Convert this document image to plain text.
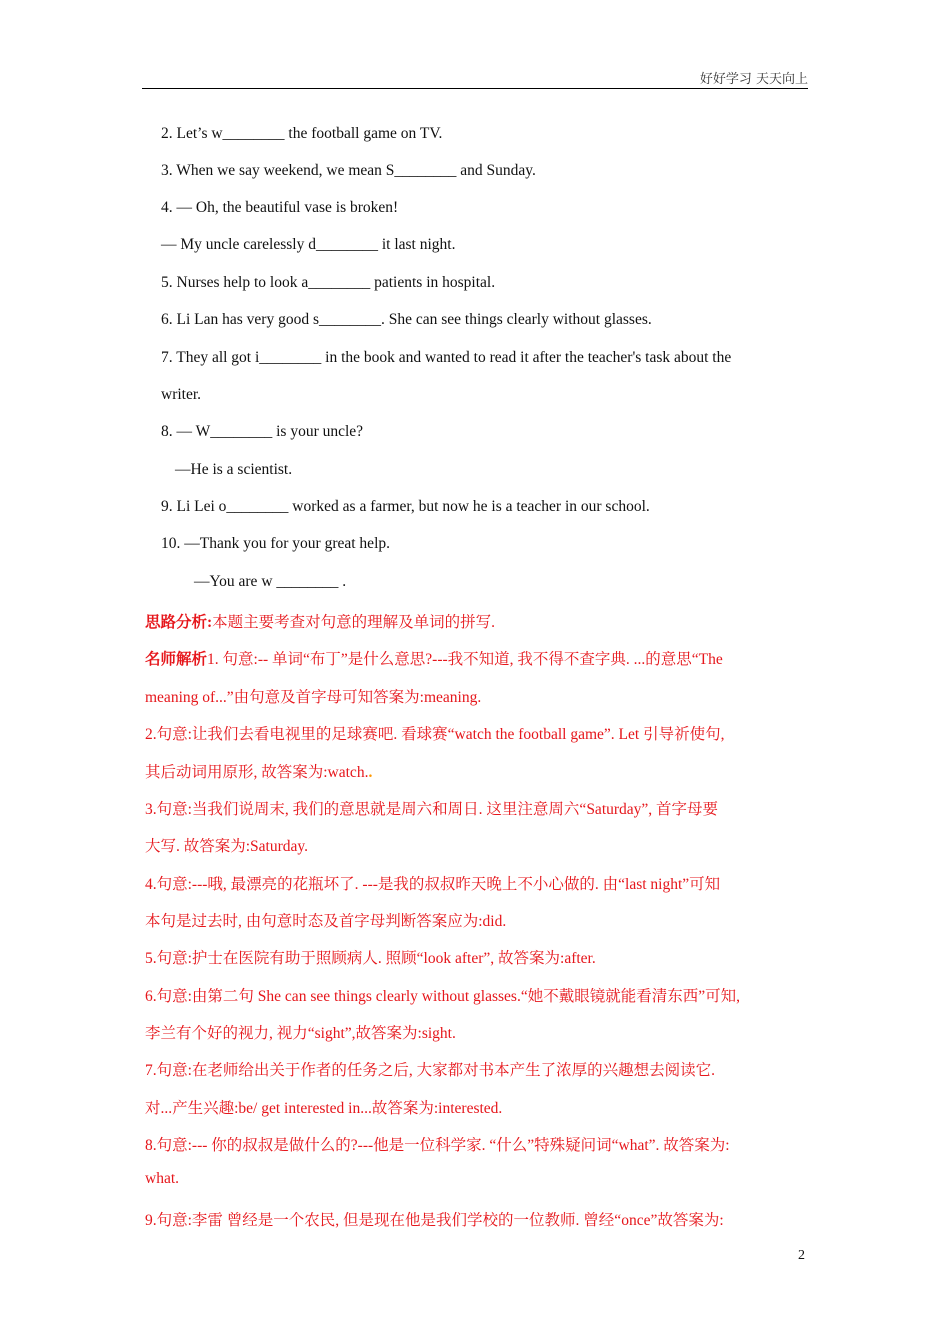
好好学习 天天向上
2. Let’s w________ the football game on TV.
3. When we say weekend, we mean S________ and Sunday.
4. — Oh, the beautiful vase is broken!
— My uncle carelessly d________ it last night.
5. Nurses help to look a________ patients in hospital.
6. Li Lan has very good s________. She can see things clearly without glasses.
7. They all got i________ in the book and wanted to read it after the teacher's task about the
writer.
8. — W________ is your uncle?
—He is a scientist.
9. Li Lei o________ worked as a farmer, but now he is a teacher in our school.
10. —Thank you for your great help.
—You are w ________ .
思路分析:本题主要考查对句意的理解及单词的拼写.
名师解析1. 句意:-- 单词“布丁”是什么意思?---我不知道, 我不得不查字典. ...的意思“The
meaning of...”由句意及首字母可知答案为:meaning.
2.句意:让我们去看电视里的足球赛吧. 看球赛“watch the football game”. Let 引导祈使句,
其后动词用原形, 故答案为:watch..
3.句意:当我们说周末, 我们的意思就是周六和周日. 这里注意周六“Saturday”, 首字母要
大写. 故答案为:Saturday.
4.句意:---哦, 最漂亮的花瓶坏了. ---是我的叔叔昨天晚上不小心做的. 由“last night”可知
本句是过去时, 由句意时态及首字母判断答案应为:did.
5.句意:护士在医院有助于照顾病人. 照顾“look after”, 故答案为:after.
6.句意:由第二句 She can see things clearly without glasses.“她不戴眼镜就能看清东西”可知,
李兰有个好的视力, 视力“sight”,故答案为:sight.
7.句意:在老师给出关于作者的任务之后, 大家都对书本产生了浓厚的兴趣想去阅读它.
对...产生兴趣:be/ get interested in...故答案为:interested.
8.句意:--- 你的叔叔是做什么的?---他是一位科学家. “什么”特殊疑问词“what”. 故答案为:
what.
9.句意:李雷 曾经是一个农民, 但是现在他是我们学校的一位教师. 曾经“once”故答案为:
2
